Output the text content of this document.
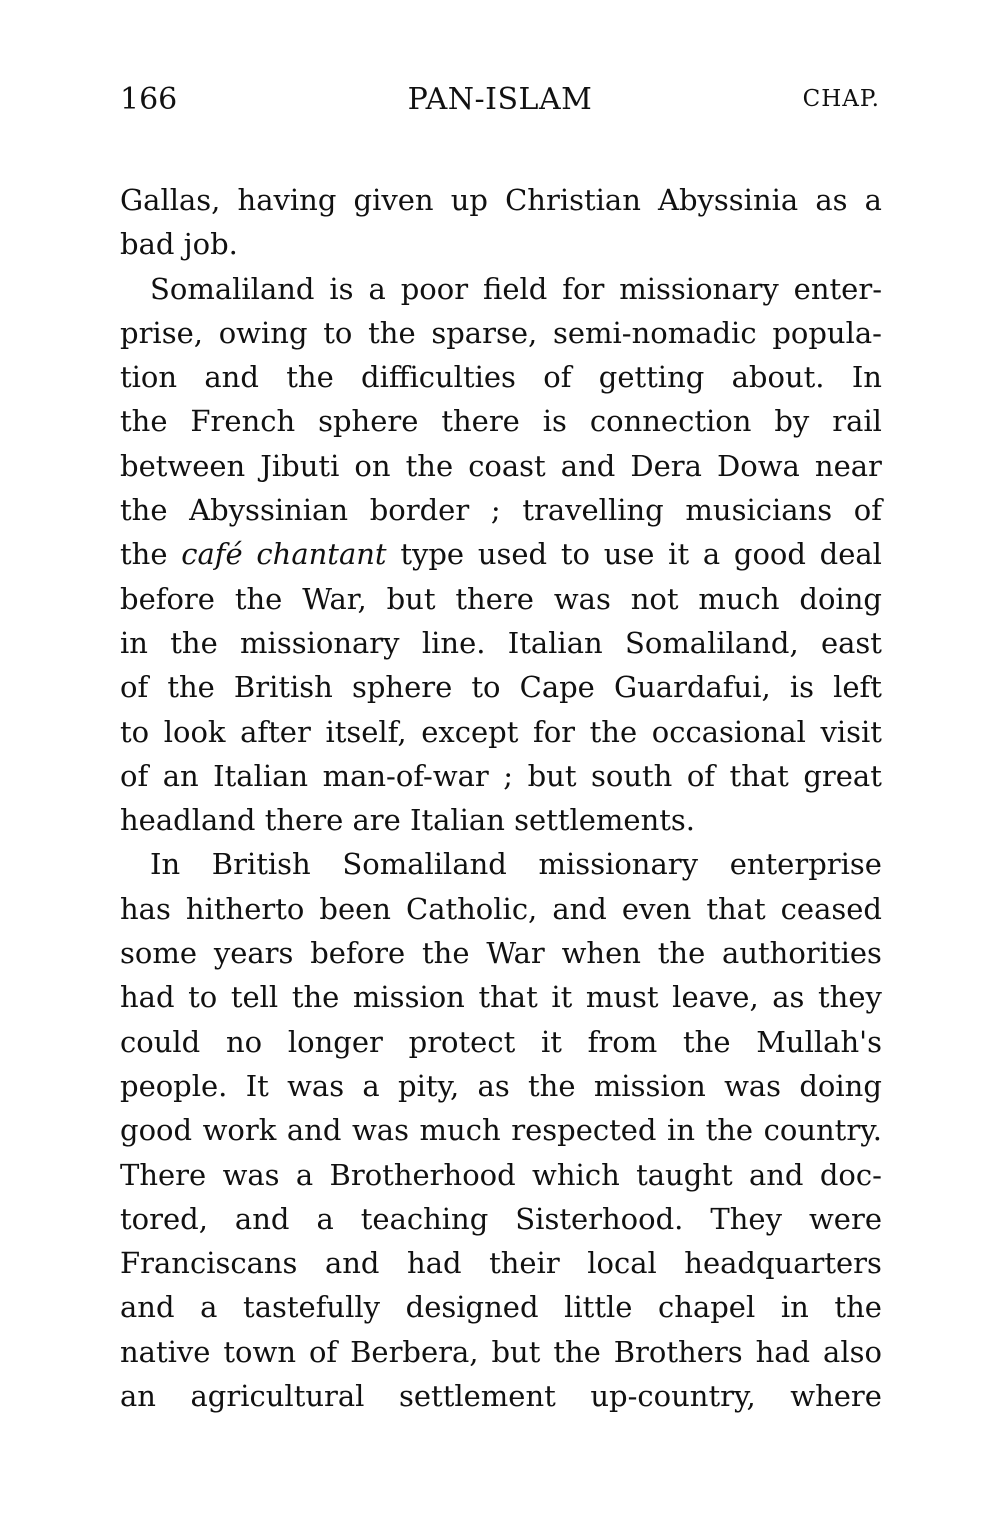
166	PAN-ISLAM	CHAP.
Gallas, having given up Christian Abyssinia as a
bad job.
Somaliland is a poor field for missionary enter-
prise, owing to the sparse, semi-nomadic popula-
tion and the difficulties of getting about. In
the French sphere there is connection by rail
between Jibuti on the coast and Dera Dowa near
the Abyssinian border ; travelling musicians of
the café chantant type used to use it a good deal
before the War, but there was not much doing
in the missionary line. Italian Somaliland, east
of the British sphere to Cape Guardafui, is left
to look after itself, except for the occasional visit
of an Italian man-of-war ; but south of that great
headland there are Italian settlements.
In British Somaliland missionary enterprise
has hitherto been Catholic, and even that ceased
some years before the War when the authorities
had to tell the mission that it must leave, as they
could no longer protect it from the Mullah's
people. It was a pity, as the mission was doing
good work and was much respected in the country.
There was a Brotherhood which taught and doc-
tored, and a teaching Sisterhood. They were
Franciscans and had their local headquarters
and a tastefully designed little chapel in the
native town of Berbera, but the Brothers had also
an agricultural settlement up-country, where
